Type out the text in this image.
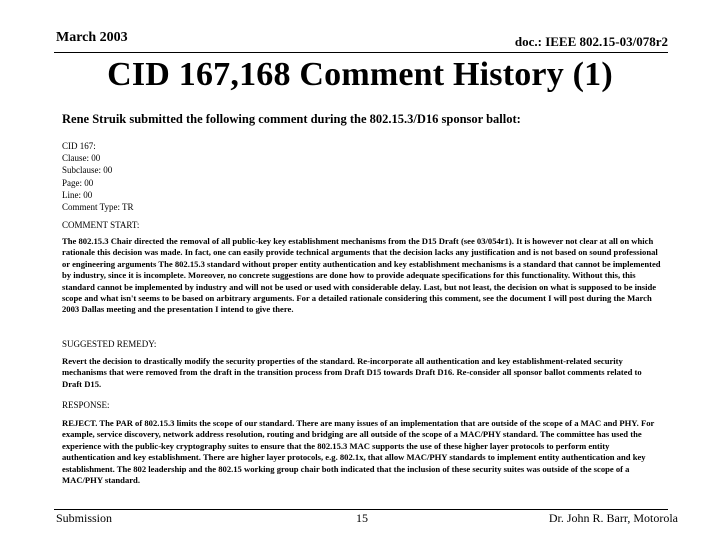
March 2003	doc.: IEEE 802.15-03/078r2
CID 167,168 Comment History (1)
Rene Struik submitted the following comment during the 802.15.3/D16 sponsor ballot:
CID 167:
Clause: 00
Subclause: 00
Page: 00
Line: 00
Comment Type: TR
COMMENT START:
The 802.15.3 Chair directed the removal of all public-key key establishment mechanisms from the D15 Draft (see 03/054r1). It is however not clear at all on which rationale this decision was made. In fact, one can easily provide technical arguments that the decision lacks any justification and is not based on sound professional or engineering arguments The 802.15.3 standard without proper entity authentication and key establishment mechanisms is a standard that cannot be implemented by industry, since it is incomplete. Moreover, no concrete suggestions are done how to provide adequate specifications for this functionality. Without this, this standard cannot be implemented by industry and will not be used or used with considerable delay. Last, but not least, the decision on what is supposed to be inside scope and what isn't seems to be based on arbitrary arguments. For a detailed rationale considering this comment, see the document I will post during the March 2003 Dallas meeting and the presentation I intend to give there.
SUGGESTED REMEDY:
Revert the decision to drastically modify the security properties of the standard. Re-incorporate all authentication and key establishment-related security mechanisms that were removed from the draft in the transition process from Draft D15 towards Draft D16. Re-consider all sponsor ballot comments related to Draft D15.
RESPONSE:
REJECT. The PAR of 802.15.3 limits the scope of our standard. There are many issues of an implementation that are outside of the scope of a MAC and PHY. For example, service discovery, network address resolution, routing and bridging are all outside of the scope of a MAC/PHY standard. The committee has used the experience with the public-key cryptography suites to ensure that the 802.15.3 MAC supports the use of these higher layer protocols to perform entity authentication and key establishment. There are higher layer protocols, e.g. 802.1x, that allow MAC/PHY standards to implement entity authentication and key establishment. The 802 leadership and the 802.15 working group chair both indicated that the inclusion of these security suites was outside of the scope of a MAC/PHY standard.
Submission	15	Dr. John R. Barr, Motorola
